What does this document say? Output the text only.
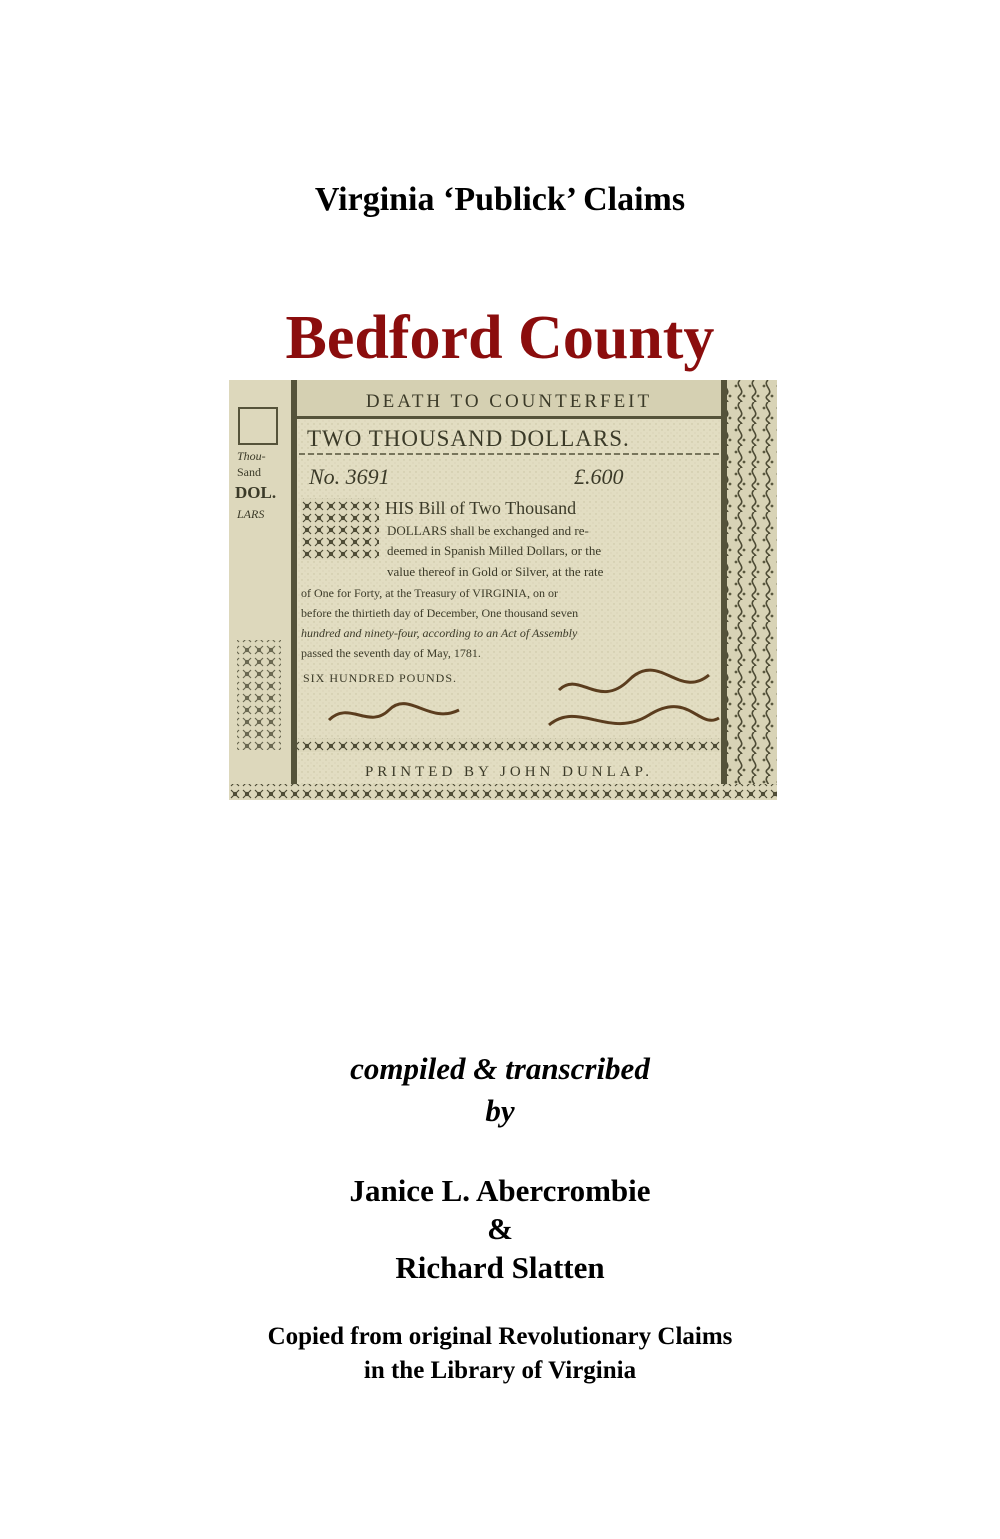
Virginia ‘Publick’ Claims
Bedford County
DEATH TO COUNTERFEIT
TWO THOUSAND DOLLARS.
No. 3691	£.600
Thou-
Sand
DOL.
LARS	HIS Bill of Two Thousand
DOLLARS shall be exchanged and re-
deemed in Spanish Milled Dollars, or the
value thereof in Gold or Silver, at the rate
of One for Forty, at the Treasury of VIRGINIA, on or
before the thirtieth day of December, One thousand seven
hundred and ninety-four, according to an Act of Assembly
passed the seventh day of May, 1781.
SIX HUNDRED POUNDS.
PRINTED BY JOHN DUNLAP.

compiled & transcribed

by

Janice L. Abercrombie

&

Richard Slatten

Copied from original Revolutionary Claims

in the Library of Virginia
